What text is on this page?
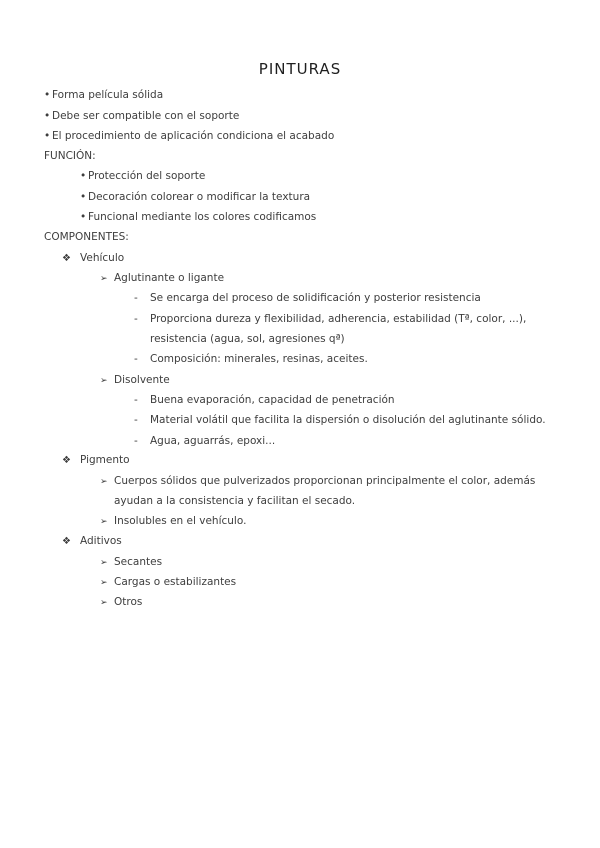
PINTURAS
• Forma película sólida
• Debe ser compatible con el soporte
• El procedimiento de aplicación condiciona el acabado
FUNCIÓN:
• Protección del soporte
• Decoración colorear o modificar la textura
• Funcional mediante los colores codificamos
COMPONENTES:
❖ Vehículo
➢ Aglutinante o ligante
- Se encarga del proceso de solidificación y posterior resistencia
- Proporciona dureza y flexibilidad, adherencia, estabilidad (Tª, color, ...),
resistencia (agua, sol, agresiones qª)
- Composición: minerales, resinas, aceites.
➢ Disolvente
- Buena evaporación, capacidad de penetración
- Material volátil que facilita la dispersión o disolución del aglutinante sólido.
- Agua, aguarrás, epoxi...
❖ Pigmento
➢ Cuerpos sólidos que pulverizados proporcionan principalmente el color, además
ayudan a la consistencia y facilitan el secado.
➢ Insolubles en el vehículo.
❖ Aditivos
➢ Secantes
➢ Cargas o estabilizantes
➢ Otros
